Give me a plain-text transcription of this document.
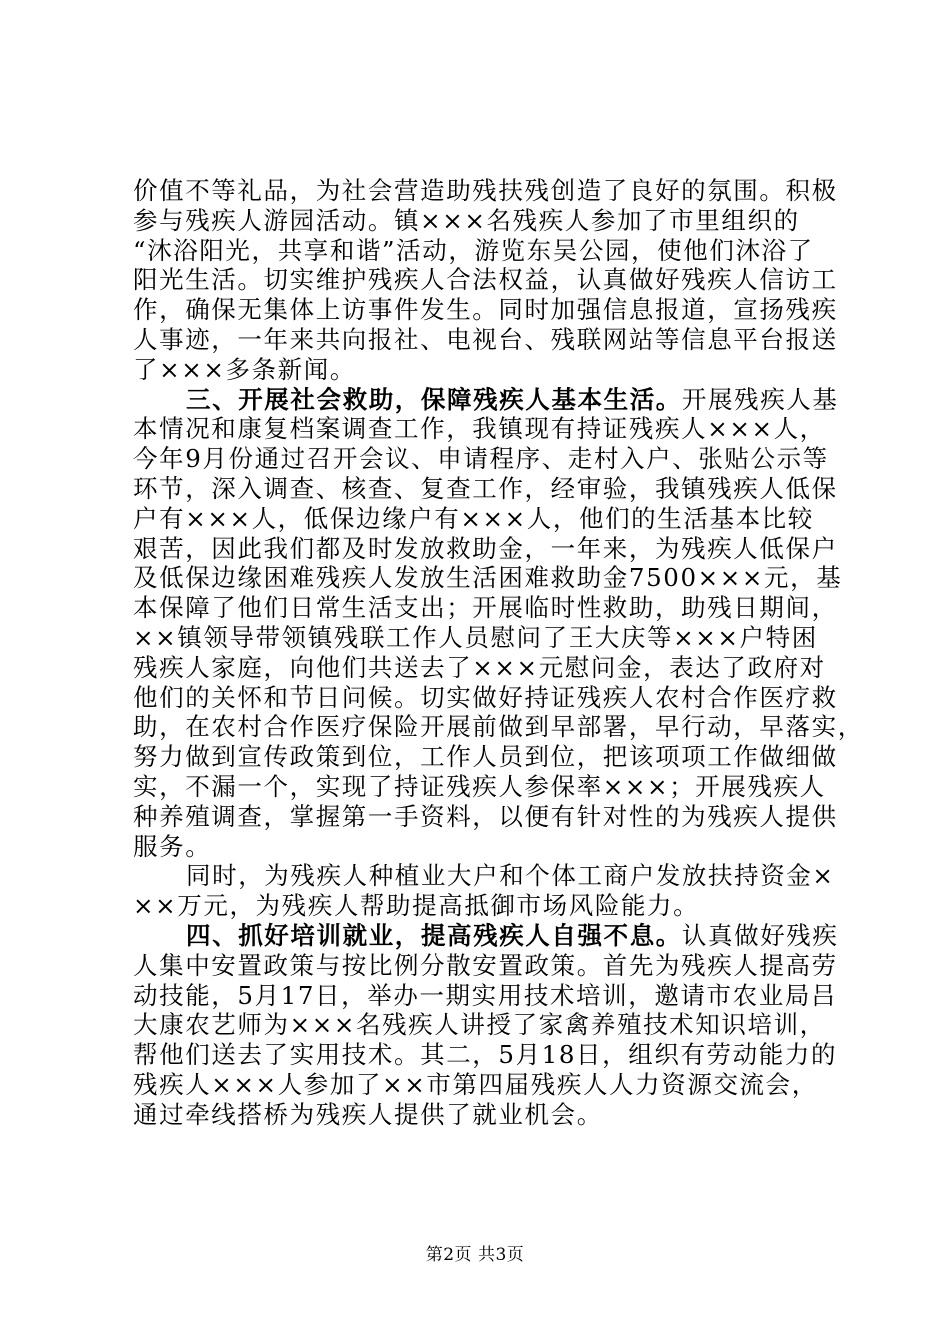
价值不等礼品，为社会营造助残扶残创造了良好的氛围。积极
参与残疾人游园活动。镇×××名残疾人参加了市里组织的
“沐浴阳光，共享和谐”活动，游览东吴公园，使他们沐浴了
阳光生活。切实维护残疾人合法权益，认真做好残疾人信访工
作，确保无集体上访事件发生。同时加强信息报道，宣扬残疾
人事迹，一年来共向报社、电视台、残联网站等信息平台报送
了×××多条新闻。
三、开展社会救助，保障残疾人基本生活。开展残疾人基
本情况和康复档案调查工作，我镇现有持证残疾人×××人，
今年9月份通过召开会议、申请程序、走村入户、张贴公示等
环节，深入调查、核查、复查工作，经审验，我镇残疾人低保
户有×××人，低保边缘户有×××人，他们的生活基本比较
艰苦，因此我们都及时发放救助金，一年来，为残疾人低保户
及低保边缘困难残疾人发放生活困难救助金7500×××元，基
本保障了他们日常生活支出；开展临时性救助，助残日期间，
××镇领导带领镇残联工作人员慰问了王大庆等×××户特困
残疾人家庭，向他们共送去了×××元慰问金，表达了政府对
他们的关怀和节日问候。切实做好持证残疾人农村合作医疗救
助，在农村合作医疗保险开展前做到早部署，早行动，早落实，
努力做到宣传政策到位，工作人员到位，把该项项工作做细做
实，不漏一个，实现了持证残疾人参保率×××；开展残疾人
种养殖调查，掌握第一手资料，以便有针对性的为残疾人提供
服务。
同时，为残疾人种植业大户和个体工商户发放扶持资金×
××万元，为残疾人帮助提高抵御市场风险能力。
四、抓好培训就业，提高残疾人自强不息。认真做好残疾
人集中安置政策与按比例分散安置政策。首先为残疾人提高劳
动技能，5月17日，举办一期实用技术培训，邀请市农业局吕
大康农艺师为×××名残疾人讲授了家禽养殖技术知识培训，
帮他们送去了实用技术。其二，5月18日，组织有劳动能力的
残疾人×××人参加了××市第四届残疾人人力资源交流会，
通过牵线搭桥为残疾人提供了就业机会。
第2页 共3页
